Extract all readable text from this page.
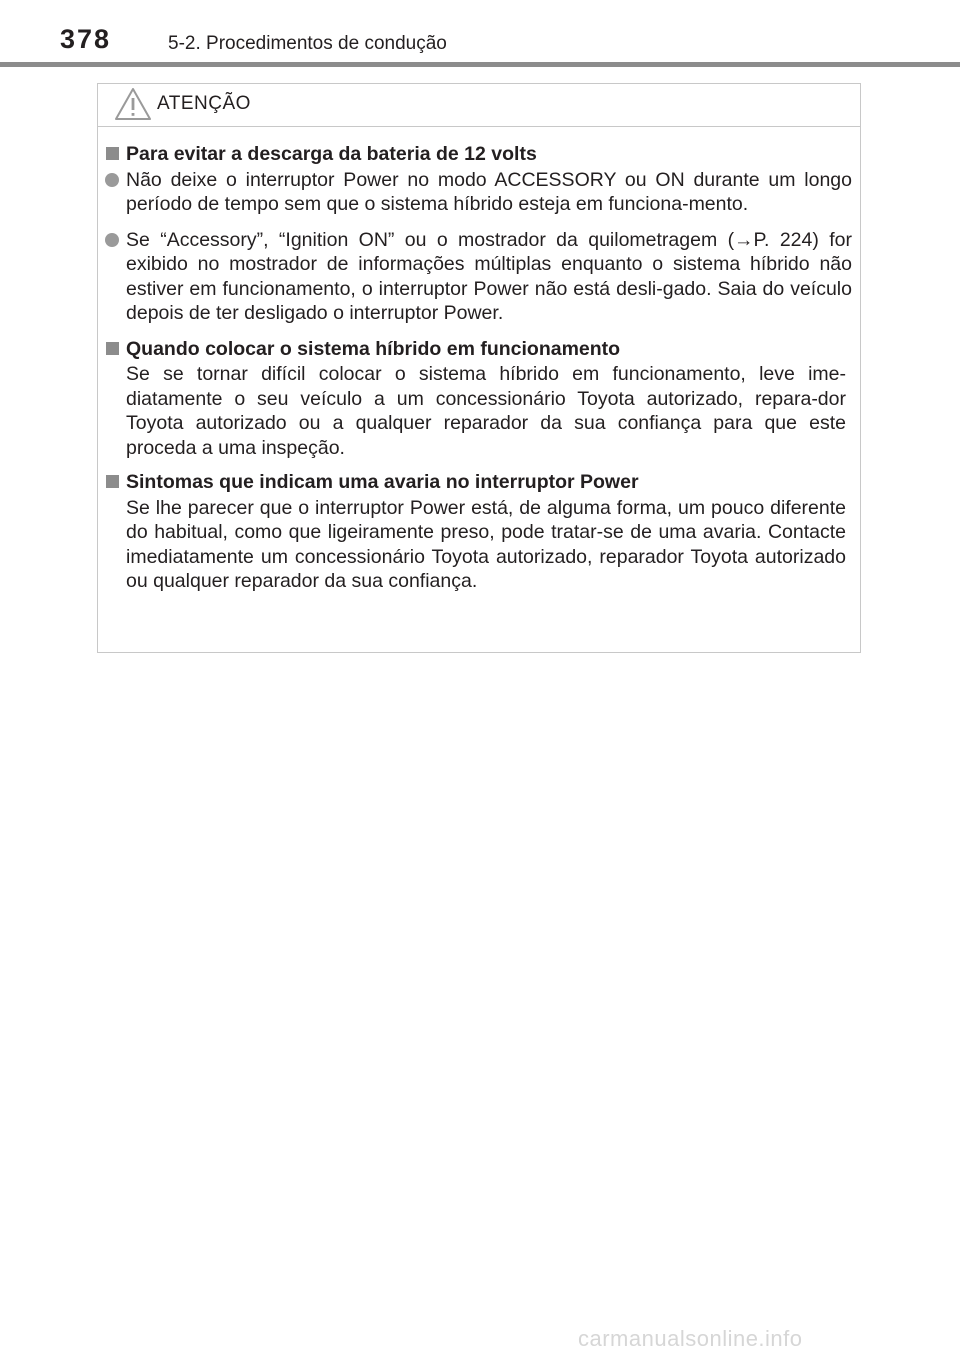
378	5-2. Procedimentos de condução
ATENÇÃO
Para evitar a descarga da bateria de 12 volts
Não deixe o interruptor Power no modo ACCESSORY ou ON durante um longo período de tempo sem que o sistema híbrido esteja em funciona-mento.
Se “Accessory”, “Ignition ON” ou o mostrador da quilometragem (→P. 224) for exibido no mostrador de informações múltiplas enquanto o sistema híbrido não estiver em funcionamento, o interruptor Power não está desli-gado. Saia do veículo depois de ter desligado o interruptor Power.
Quando colocar o sistema híbrido em funcionamento
Se se tornar difícil colocar o sistema híbrido em funcionamento, leve ime-diatamente o seu veículo a um concessionário Toyota autorizado, repara-dor Toyota autorizado ou a qualquer reparador da sua confiança para que este proceda a uma inspeção.
Sintomas que indicam uma avaria no interruptor Power
Se lhe parecer que o interruptor Power está, de alguma forma, um pouco diferente do habitual, como que ligeiramente preso, pode tratar-se de uma avaria. Contacte imediatamente um concessionário Toyota autorizado, reparador Toyota autorizado ou qualquer reparador da sua confiança.
carmanualsonline.info
